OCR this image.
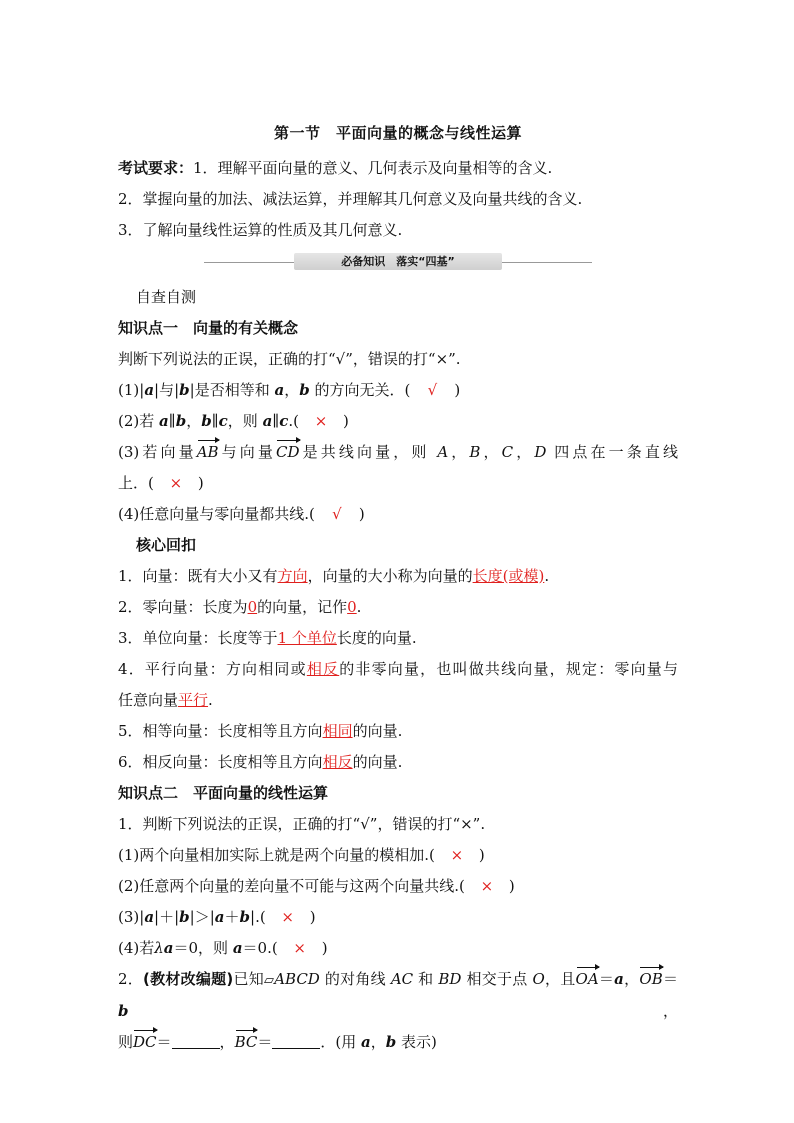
第一节　平面向量的概念与线性运算
考试要求：1．理解平面向量的意义、几何表示及向量相等的含义.
2．掌握向量的加法、减法运算，并理解其几何意义及向量共线的含义.
3．了解向量线性运算的性质及其几何意义.
必备知识　落实“四基”
自查自测
知识点一　向量的有关概念
判断下列说法的正误，正确的打“√”，错误的打“×”.
(1)|a|与|b|是否相等和 a，b 的方向无关．( √ )
(2)若 a∥b，b∥c，则 a∥c.( × )
(3)若向量AB与向量CD是共线向量，则 A，B，C，D 四点在一条直线
上．( × )
(4)任意向量与零向量都共线.( √ )
核心回扣
1．向量：既有大小又有方向，向量的大小称为向量的长度(或模).
2．零向量：长度为0的向量，记作0.
3．单位向量：长度等于1 个单位长度的向量.
4．平行向量：方向相同或相反的非零向量，也叫做共线向量，规定：零向量与
任意向量平行.
5．相等向量：长度相等且方向相同的向量.
6．相反向量：长度相等且方向相反的向量.
知识点二　平面向量的线性运算
1．判断下列说法的正误，正确的打“√”，错误的打“×”.
(1)两个向量相加实际上就是两个向量的模相加.( × )
(2)任意两个向量的差向量不可能与这两个向量共线.( × )
(3)|a|＋|b|＞|a＋b|.( × )
(4)若λa＝0，则 a＝0.( × )
2．(教材改编题)已知▱ABCD 的对角线 AC 和 BD 相交于点 O，且OA＝a，OB＝b，
则DC＝	，BC＝	．(用 a，b 表示)
